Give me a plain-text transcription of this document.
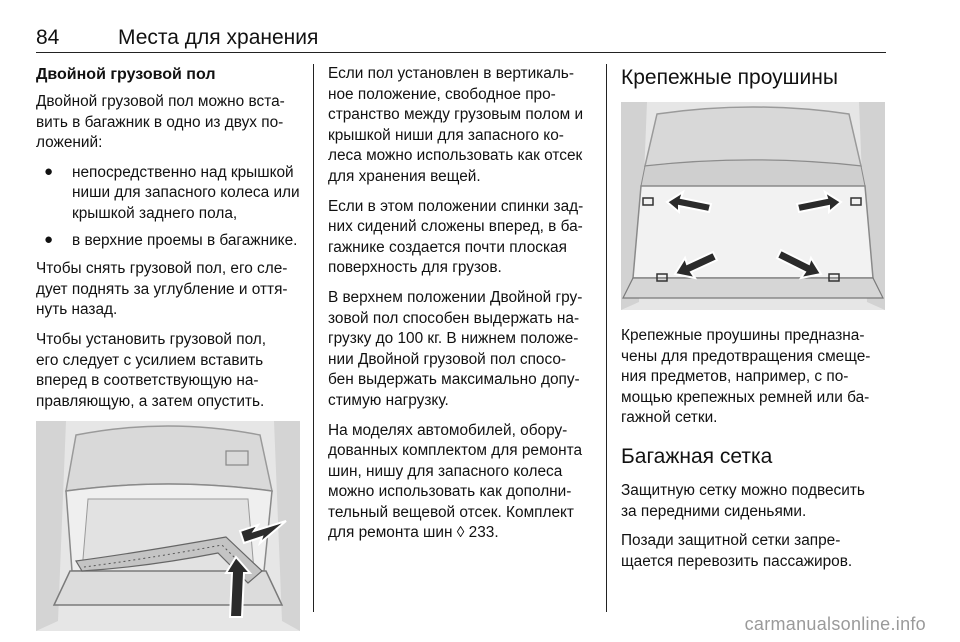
84	Места для хранения
Двойной грузовой пол

Двойной грузовой пол можно вста-
вить в багажник в одно из двух по-
ложений:

● непосредственно над крышкой
ниши для запасного колеса или
крышкой заднего пола,
● в верхние проемы в багажнике.

Чтобы снять грузовой пол, его сле-
дует поднять за углубление и оття-
нуть назад.

Чтобы установить грузовой пол,
его следует с усилием вставить
вперед в соответствующую на-
правляющую, а затем опустить.

Если пол установлен в вертикаль-
ное положение, свободное про-
странство между грузовым полом и
крышкой ниши для запасного ко-
леса можно использовать как отсек
для хранения вещей.

Если в этом положении спинки зад-
них сидений сложены вперед, в ба-
гажнике создается почти плоская
поверхность для грузов.

В верхнем положении Двойной гру-
зовой пол способен выдержать на-
грузку до 100 кг. В нижнем положе-
нии Двойной грузовой пол спосо-
бен выдержать максимально допу-
стимую нагрузку.

На моделях автомобилей, обору-
дованных комплектом для ремонта
шин, нишу для запасного колеса
можно использовать как дополни-
тельный вещевой отсек. Комплект
для ремонта шин ◊ 233.

Крепежные проушины

Крепежные проушины предназна-
чены для предотвращения смеще-
ния предметов, например, с по-
мощью крепежных ремней или ба-
гажной сетки.

Багажная сетка

Защитную сетку можно подвесить
за передними сиденьями.

Позади защитной сетки запре-
щается перевозить пассажиров.

carmanualsonline.info
